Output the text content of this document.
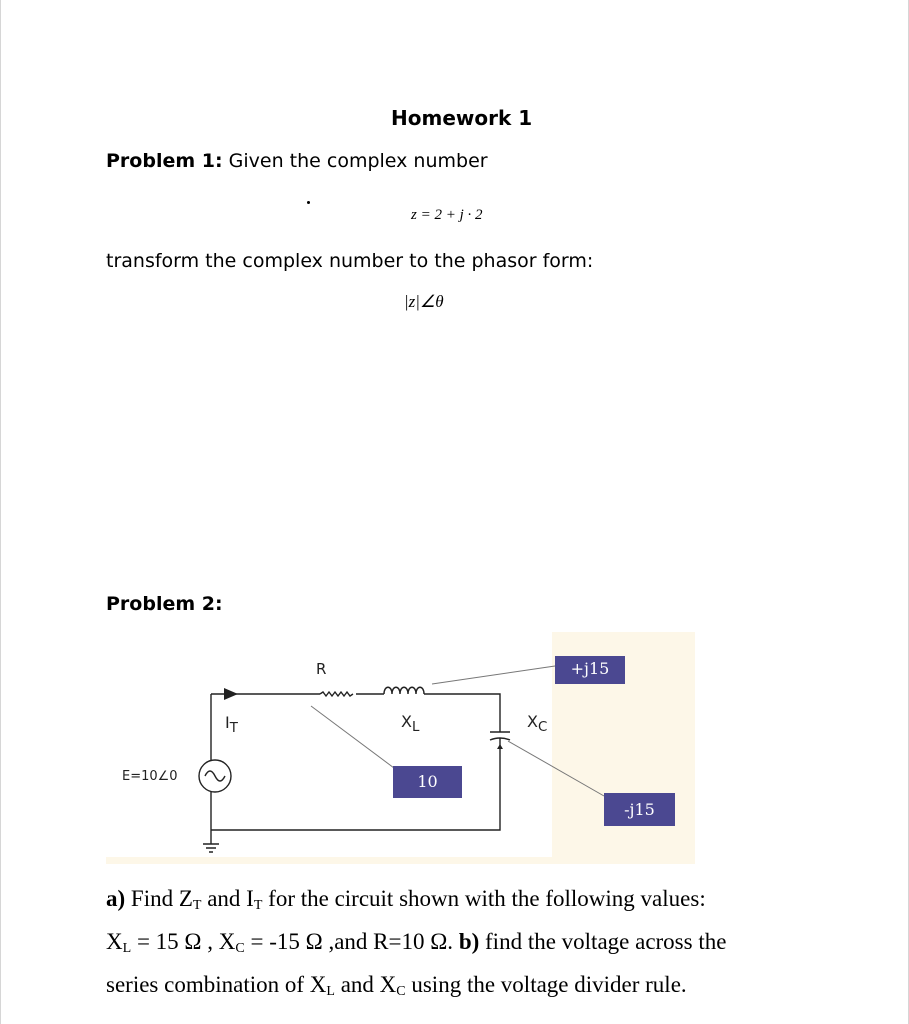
Homework 1
Problem 1: Given the complex number
z = 2 + j · 2
transform the complex number to the phasor form:
|z|∠θ
Problem 2:
+j15
10
-j15
R
$I_T$	$X_L$	$X_C$
E=10∠0
a) Find $Z_T$ and $I_T$ for the circuit shown with the following values:
$X_L = 15$ Ω , $X_C = -15$ Ω ,and R=10 Ω. b) find the voltage across the
series combination of $X_L$ and $X_C$ using the voltage divider rule.
